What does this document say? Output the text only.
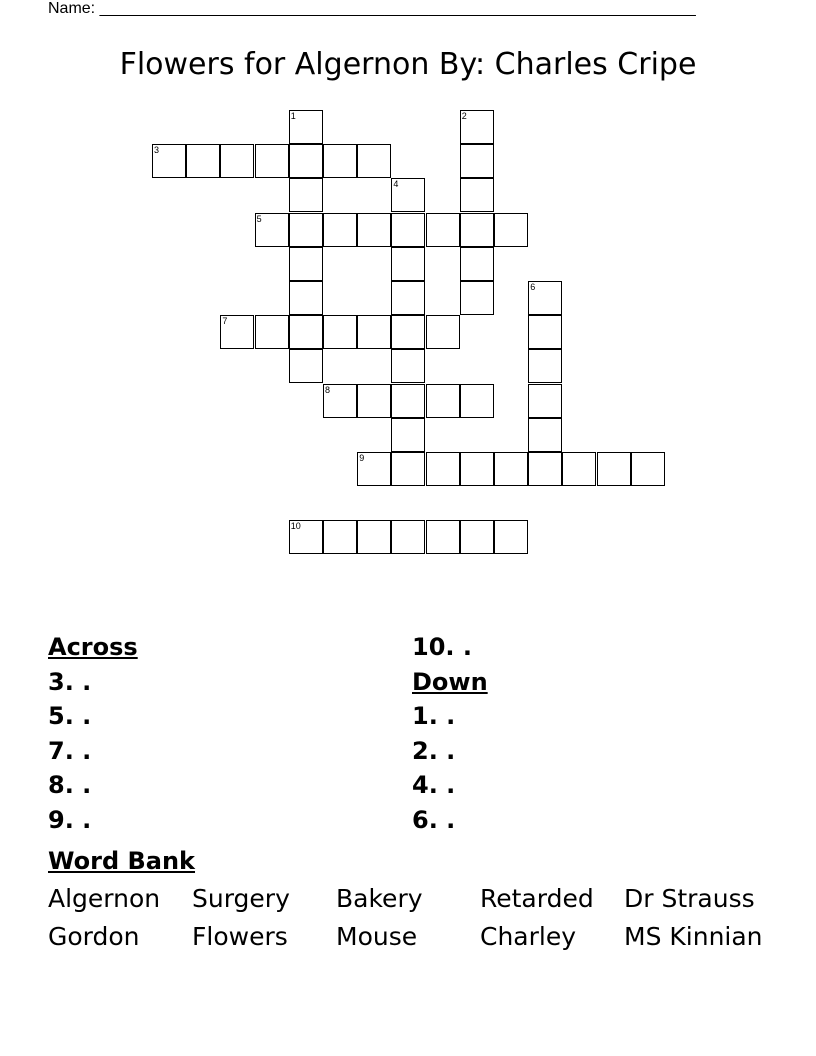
Name: ___________________________________________________________________
Flowers for Algernon By: Charles Cripe
1	2
3
4
5
6
7
8
9
10
Across
3. .
5. .
7. .
8. .
9. .
10. .
Down
1. .
2. .
4. .
6. .
Word Bank
Algernon Surgery Bakery Retarded Dr Strauss
Gordon Flowers Mouse	Charley MS Kinnian
